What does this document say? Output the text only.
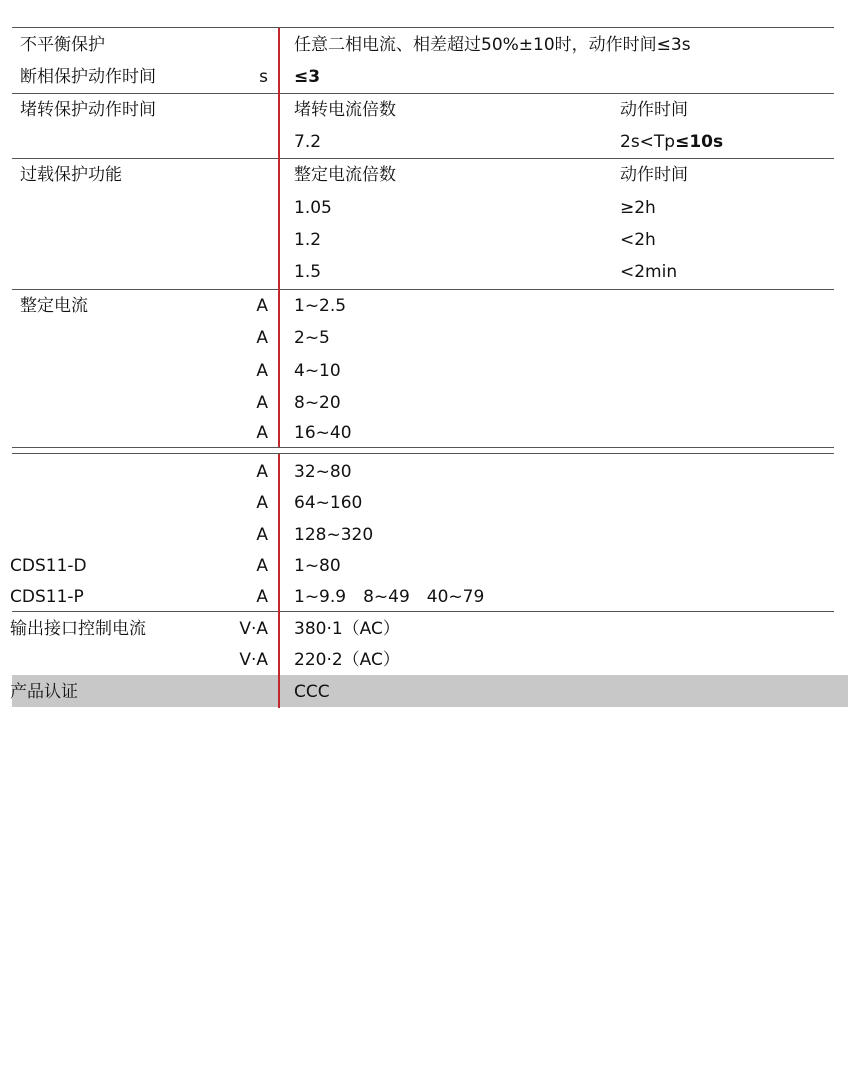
不平衡保护	任意二相电流、相差超过50%±10时，动作时间≤3s
断相保护动作时间	s ≤3
堵转保护动作时间	堵转电流倍数	动作时间
7.2	2s<Tp≤10s
过载保护功能	整定电流倍数	动作时间
1.05	≥2h
1.2	<2h
1.5	<2min
整定电流	A 1~2.5
A 2~5
A 4~10
A 8~20
A 16~40
A 32~80
A 64~160
A 128~320
CDS11-D	A 1~80
CDS11-P	A 1~9.9　8~49　40~79
输出接口控制电流	V·A 380·1（AC）
V·A 220·2（AC）
产品认证	CCC
